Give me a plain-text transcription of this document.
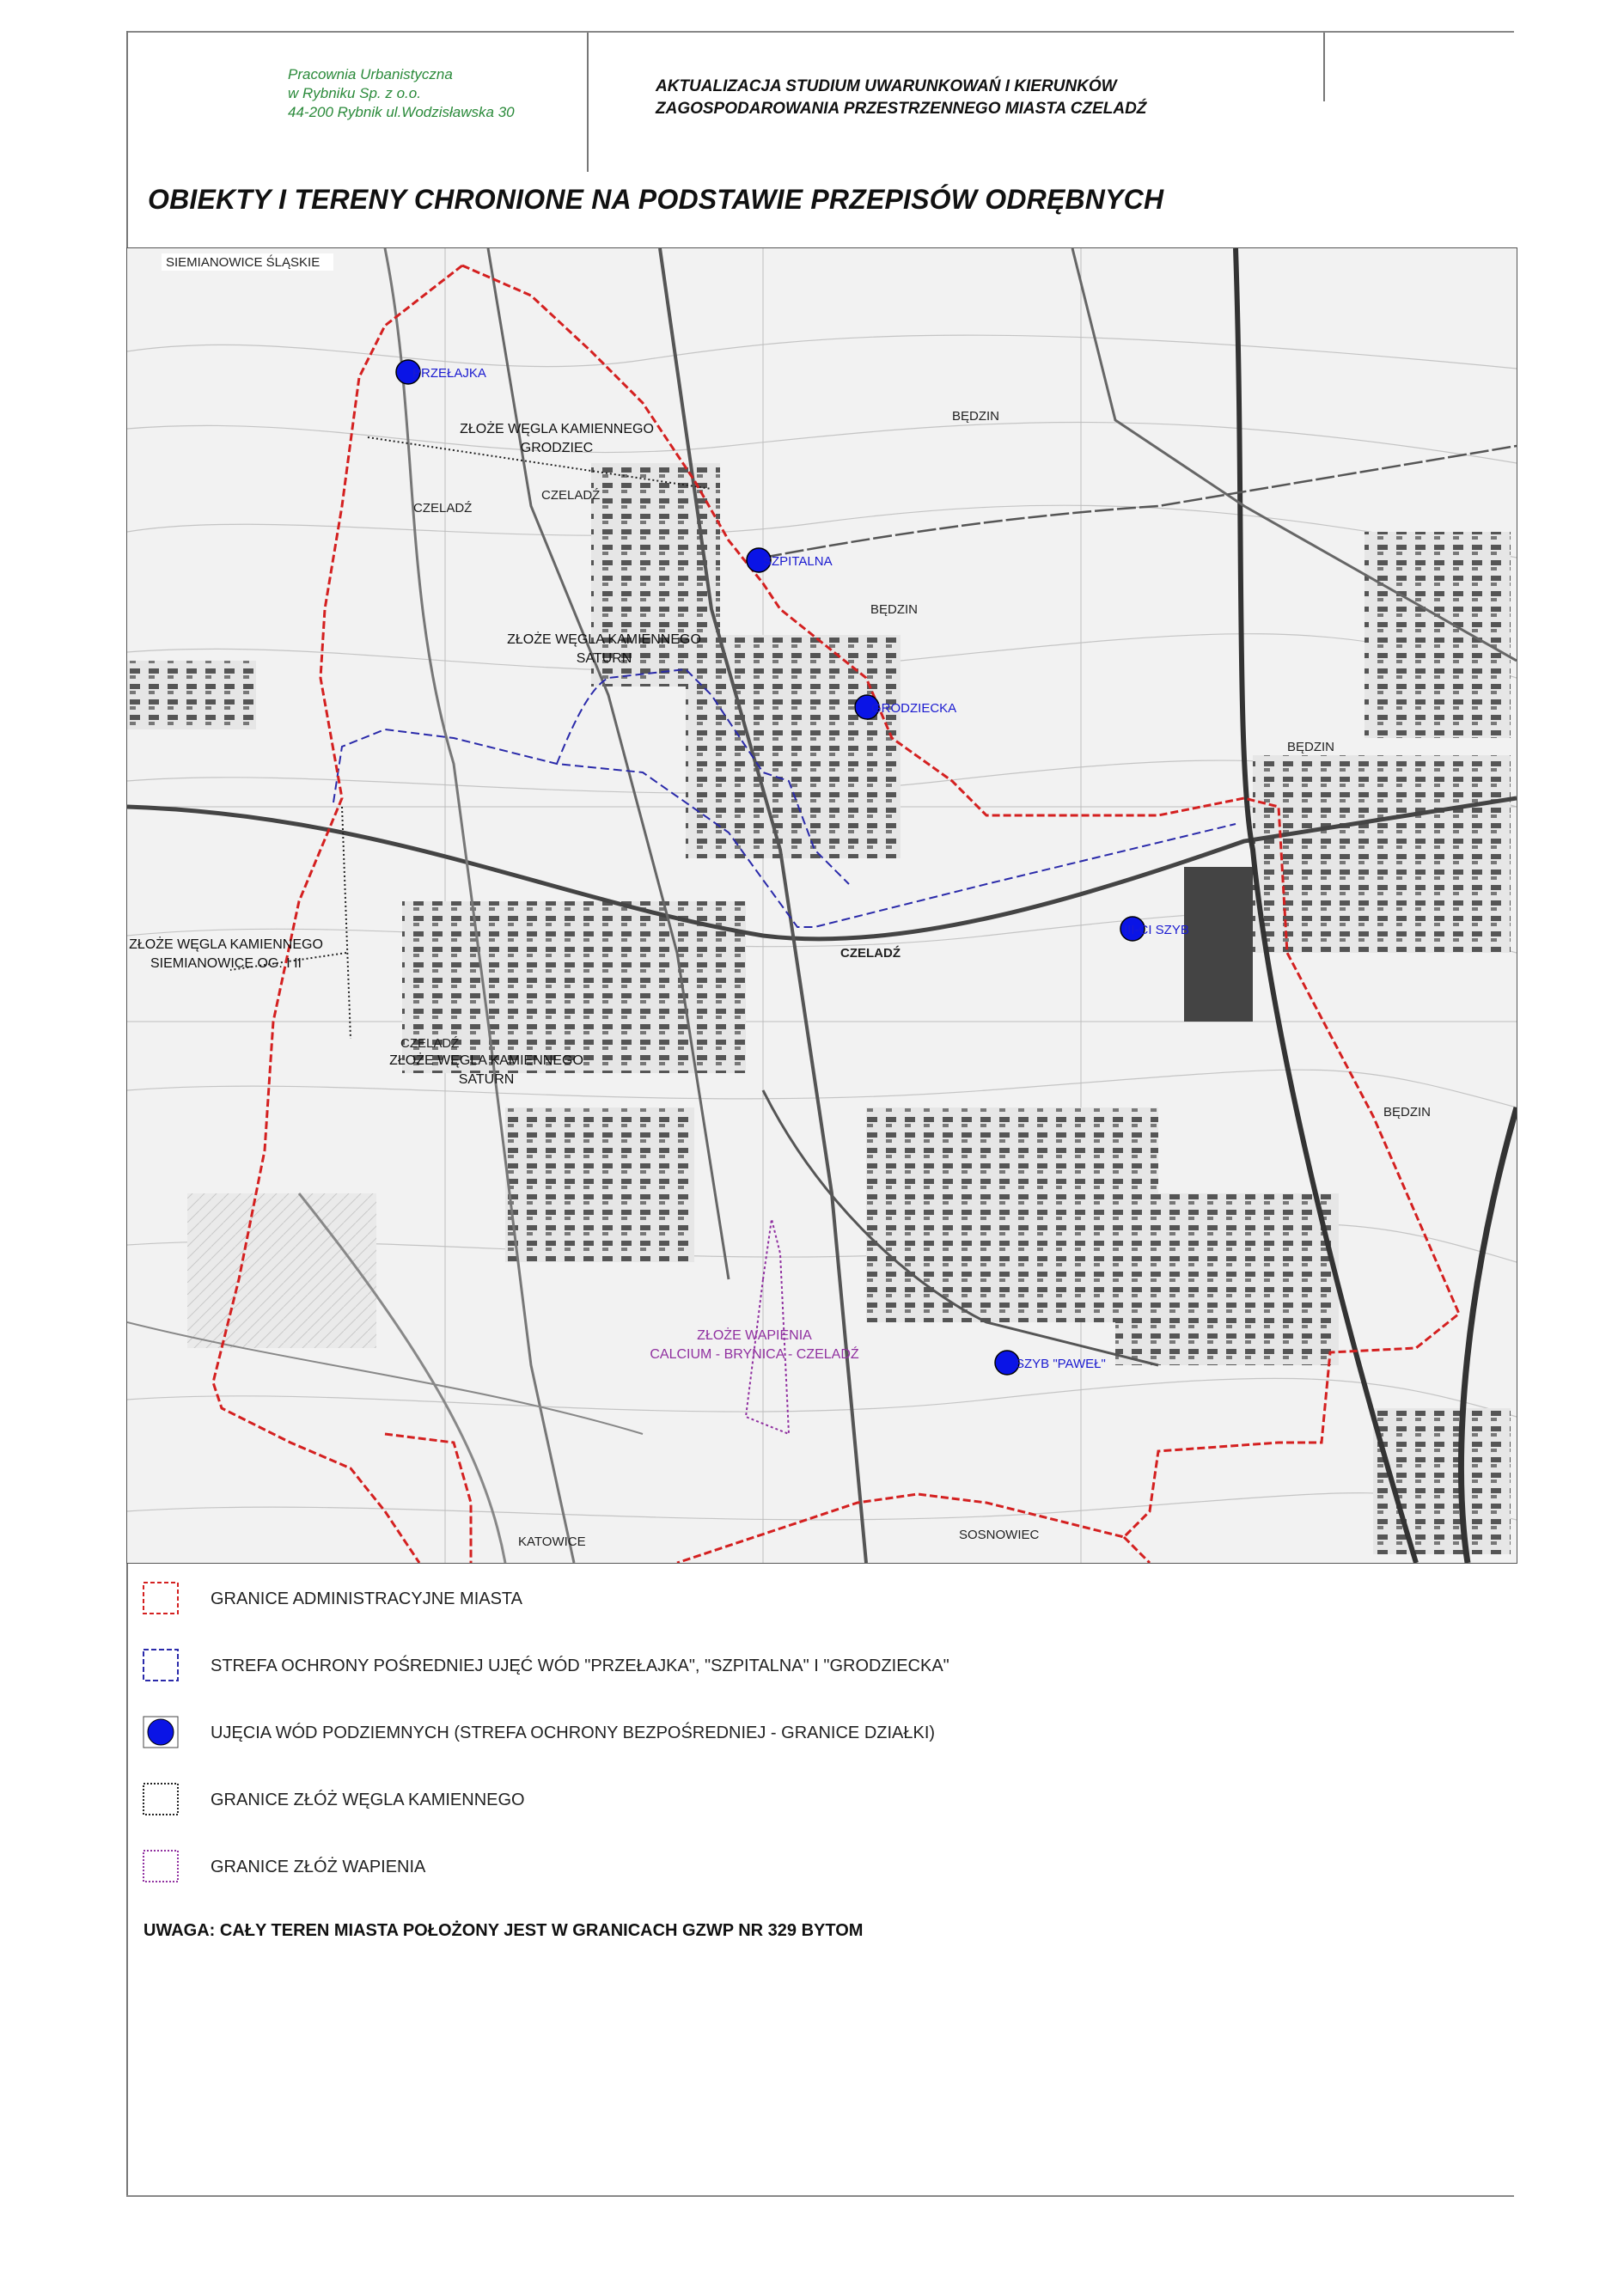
Pracownia Urbanistyczna
w Rybniku Sp. z o.o.
44-200 Rybnik ul.Wodzisławska 30
AKTUALIZACJA STUDIUM UWARUNKOWAŃ I KIERUNKÓW
ZAGOSPODAROWANIA PRZESTRZENNEGO MIASTA CZELADŹ
OBIEKTY I TERENY CHRONIONE NA PODSTAWIE PRZEPISÓW ODRĘBNYCH
SIEMIANOWICE ŚLĄSKIE
BĘDZIN
BĘDZIN
BĘDZIN
BĘDZIN
CZELADŹ
CZELADŹ
CZELADŹ
CZELADŹ
KATOWICE	SOSNOWIEC
ZŁOŻE WĘGLA KAMIENNEGO
GRODZIEC
ZŁOŻE WĘGLA KAMIENNEGO
SATURN
ZŁOŻE WĘGLA KAMIENNEGO
SIEMIANOWICE OG. I II
ZŁOŻE WĘGLA KAMIENNEGO
SATURN
ZŁOŻE WAPIENIA
CALCIUM - BRYNICA - CZELADŹ
PRZEŁAJKA
SZPITALNA
GRODZIECKA
III-CI SZYB
SZYB "PAWEŁ"
GRANICE ADMINISTRACYJNE MIASTA
STREFA OCHRONY POŚREDNIEJ UJĘĆ WÓD "PRZEŁAJKA", "SZPITALNA" I "GRODZIECKA"
UJĘCIA WÓD PODZIEMNYCH (STREFA OCHRONY BEZPOŚREDNIEJ - GRANICE DZIAŁKI)
GRANICE ZŁÓŻ WĘGLA KAMIENNEGO
GRANICE ZŁÓŻ WAPIENIA
UWAGA: CAŁY TEREN MIASTA POŁOŻONY JEST W GRANICACH GZWP NR 329 BYTOM
